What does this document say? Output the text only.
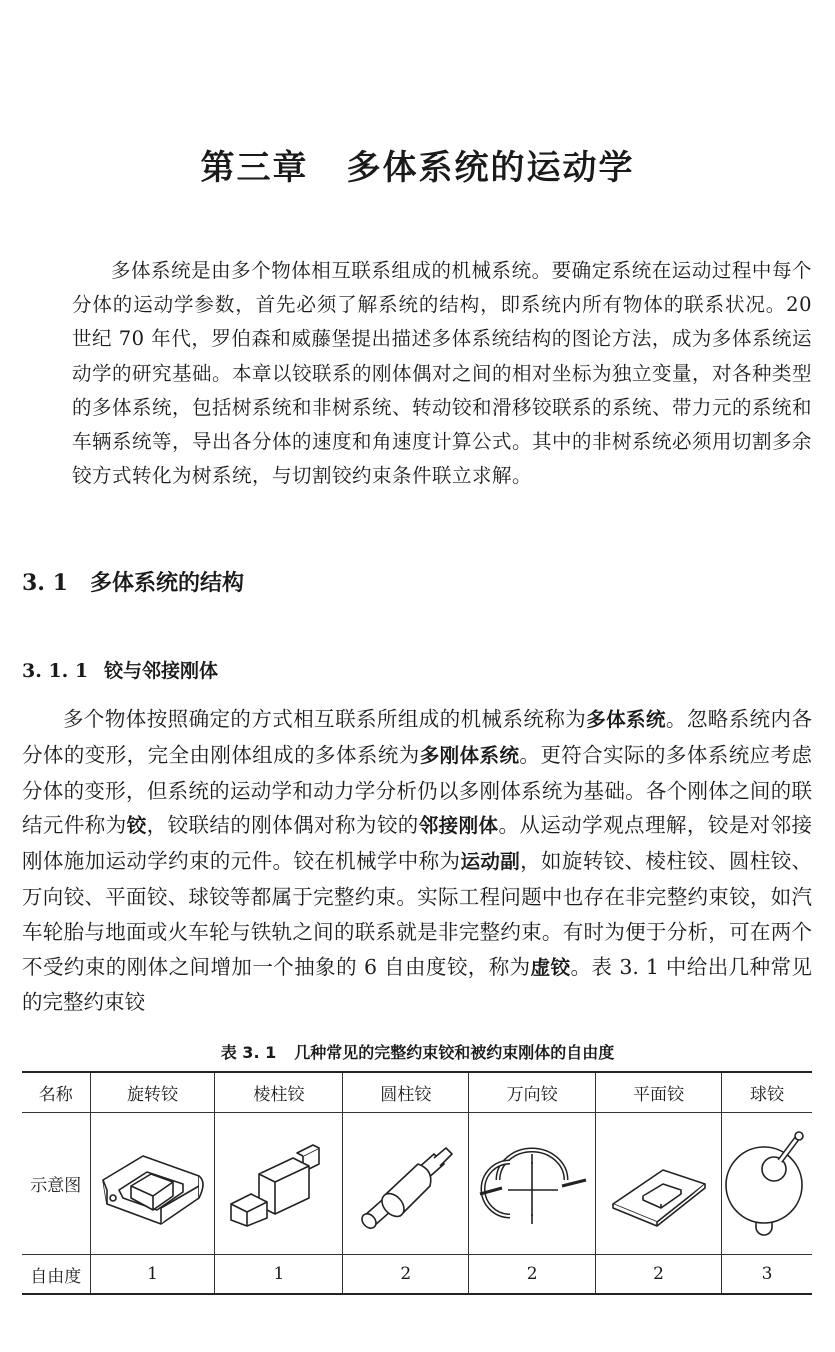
第三章 多体系统的运动学

多体系统是由多个物体相互联系组成的机械系统。要确定系统在运动过程中每个分体的运动学参数，首先必须了解系统的结构，即系统内所有物体的联系状况。20 世纪 70 年代，罗伯森和威藤堡提出描述多体系统结构的图论方法，成为多体系统运动学的研究基础。本章以铰联系的刚体偶对之间的相对坐标为独立变量，对各种类型的多体系统，包括树系统和非树系统、转动铰和滑移铰联系的系统、带力元的系统和车辆系统等，导出各分体的速度和角速度计算公式。其中的非树系统必须用切割多余铰方式转化为树系统，与切割铰约束条件联立求解。

3. 1 多体系统的结构
3. 1. 1 铰与邻接刚体

多个物体按照确定的方式相互联系所组成的机械系统称为多体系统。忽略系统内各分体的变形，完全由刚体组成的多体系统为多刚体系统。更符合实际的多体系统应考虑分体的变形，但系统的运动学和动力学分析仍以多刚体系统为基础。各个刚体之间的联结元件称为铰，铰联结的刚体偶对称为铰的邻接刚体。从运动学观点理解，铰是对邻接刚体施加运动学约束的元件。铰在机械学中称为运动副，如旋转铰、棱柱铰、圆柱铰、万向铰、平面铰、球铰等都属于完整约束。实际工程问题中也存在非完整约束铰，如汽车轮胎与地面或火车轮与铁轨之间的联系就是非完整约束。有时为便于分析，可在两个不受约束的刚体之间增加一个抽象的 6 自由度铰，称为虚铰。表 3. 1 中给出几种常见的完整约束铰

表 3. 1 几种常见的完整约束铰和被约束刚体的自由度
名称	旋转铰	棱柱铰	圆柱铰	万向铰	平面铰	球铰
示意图	

自由度	1	1	2	2	2	3
